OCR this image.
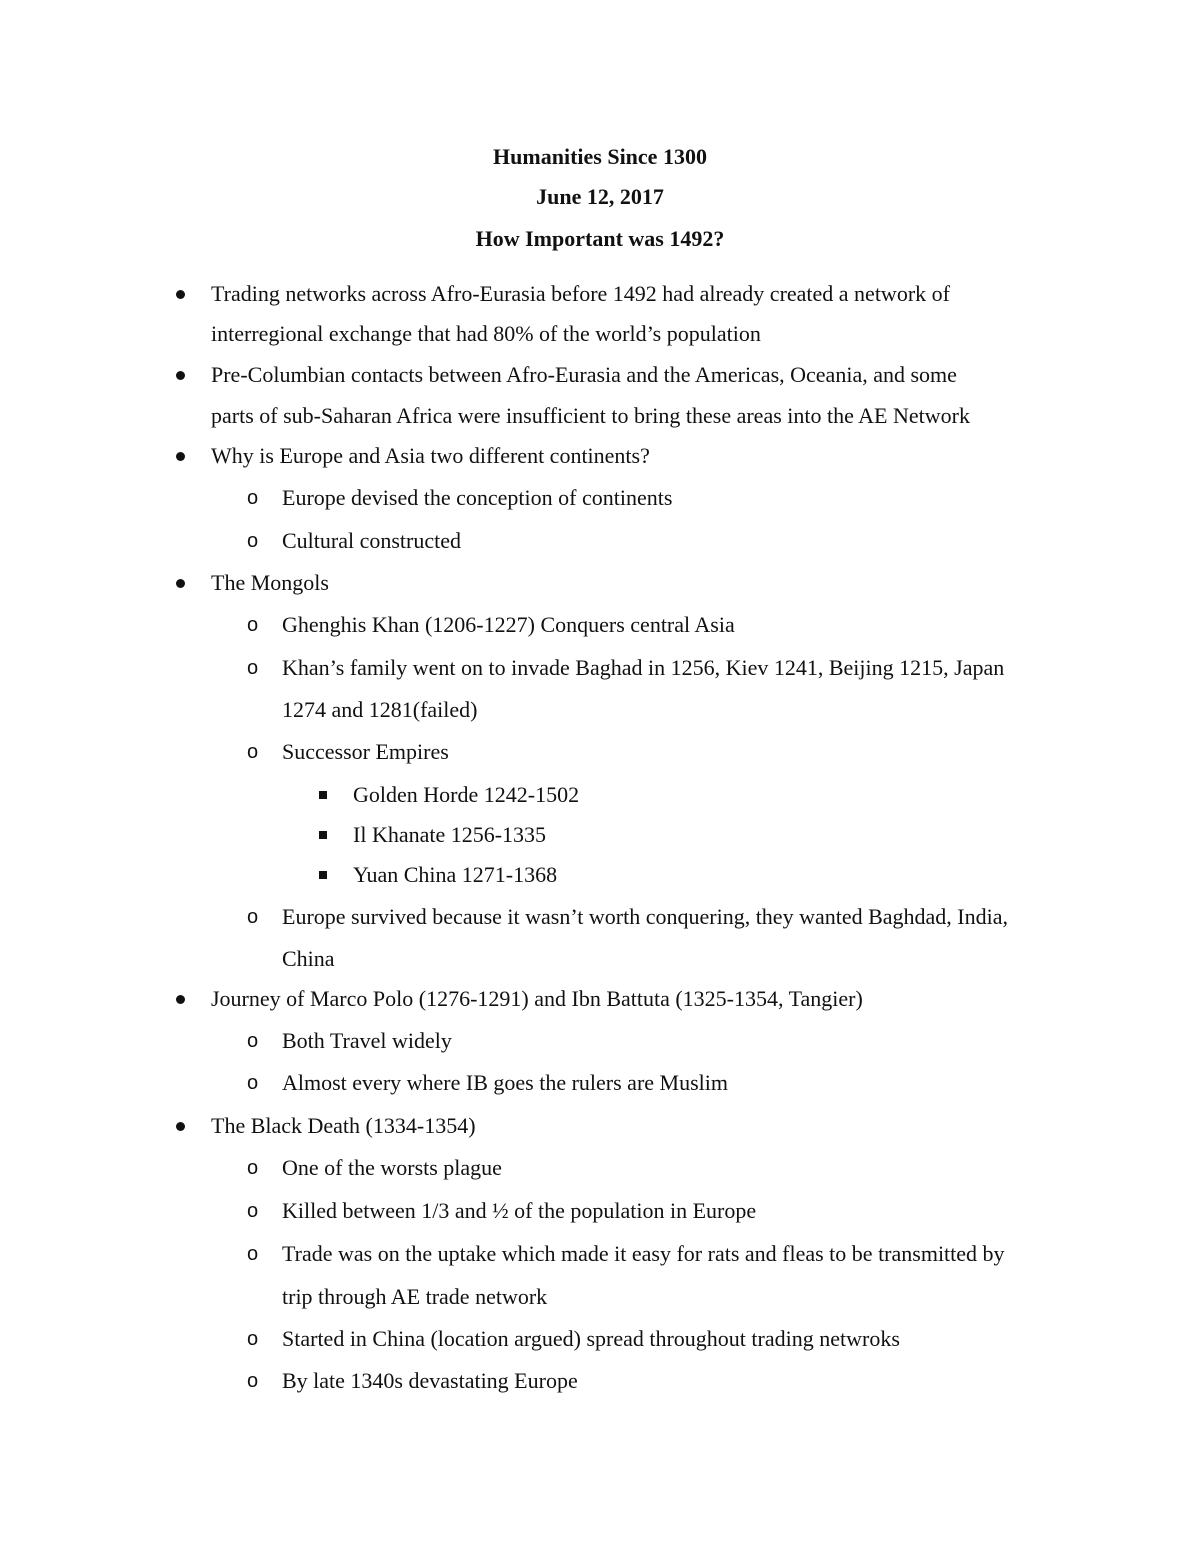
Humanities Since 1300
June 12, 2017
How Important was 1492?
Trading networks across Afro-Eurasia before 1492 had already created a network of
interregional exchange that had 80% of the world’s population
Pre-Columbian contacts between Afro-Eurasia and the Americas, Oceania, and some
parts of sub-Saharan Africa were insufficient to bring these areas into the AE Network
Why is Europe and Asia two different continents?
o Europe devised the conception of continents
o Cultural constructed
The Mongols
o Ghenghis Khan (1206-1227) Conquers central Asia
o Khan’s family went on to invade Baghad in 1256, Kiev 1241, Beijing 1215, Japan
1274 and 1281(failed)
o Successor Empires
Golden Horde 1242-1502
Il Khanate 1256-1335
Yuan China 1271-1368
o Europe survived because it wasn’t worth conquering, they wanted Baghdad, India,
China
Journey of Marco Polo (1276-1291) and Ibn Battuta (1325-1354, Tangier)
o Both Travel widely
o Almost every where IB goes the rulers are Muslim
The Black Death (1334-1354)
o One of the worsts plague
o Killed between 1/3 and ½ of the population in Europe
o Trade was on the uptake which made it easy for rats and fleas to be transmitted by
trip through AE trade network
o Started in China (location argued) spread throughout trading netwroks
o By late 1340s devastating Europe
